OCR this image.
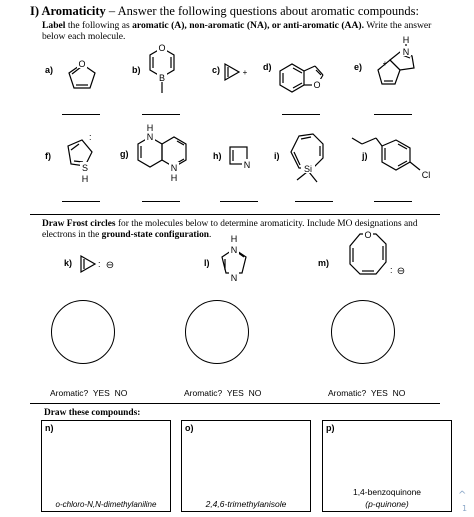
I) Aromaticity – Answer the following questions about aromatic compounds:
Label the following as aromatic (A), non-aromatic (NA), or anti-aromatic (AA). Write the answer
below each molecule.
a)
O
b)
O
B
c)	+
d)
O
e)
N
H
+
f)
:
S
H
g)
N
H
N
H
h)
N
i)
Si
j)
Cl
Draw Frost circles for the molecules below to determine aromaticity. Include MO designations and
electrons in the ground-state configuration.
k)	: ⊖	l)
H
N
N
m)
O
: ⊖
Aromatic? YES NO	Aromatic? YES NO	Aromatic? YES NO
Draw these compounds:
n)
o-chloro-N,N-dimethylaniline
o)
2,4,6-trimethylanisole
p)
1,4-benzoquinone
(p-quinone)
^
1
